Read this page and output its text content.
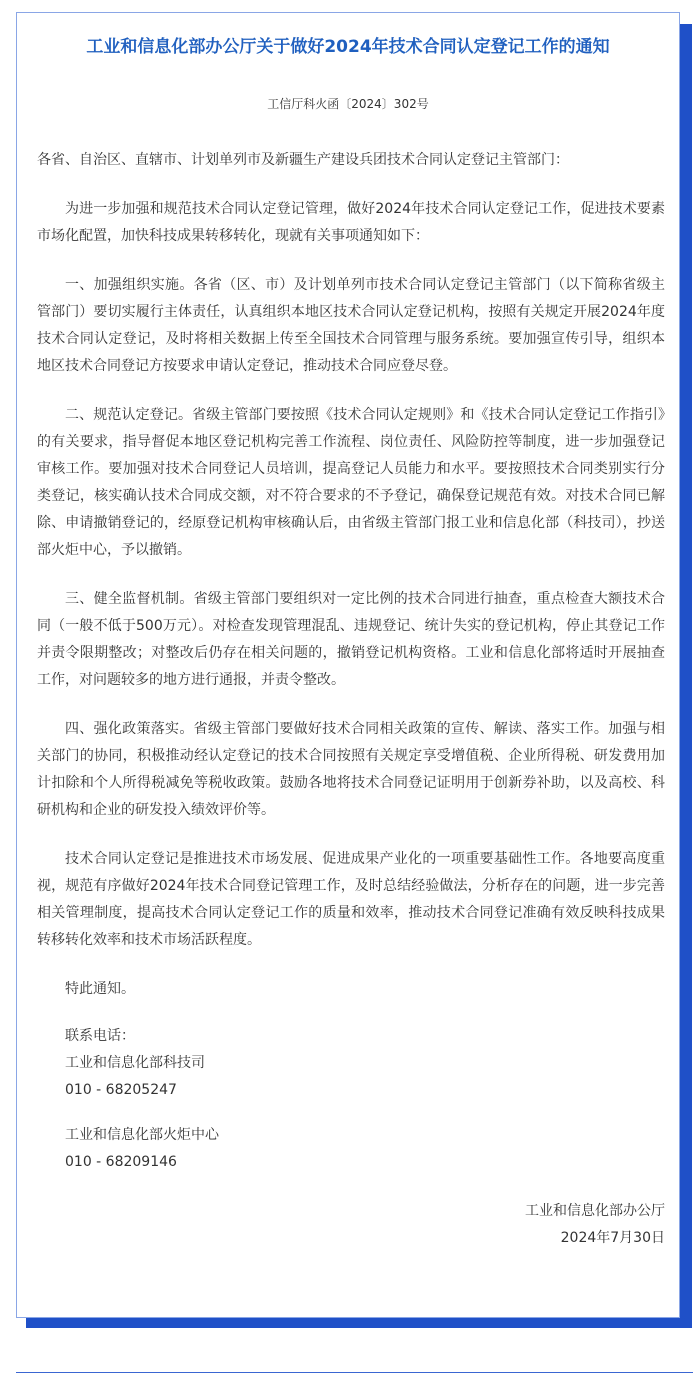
工业和信息化部办公厅关于做好2024年技术合同认定登记工作的通知
工信厅科火函〔2024〕302号

各省、自治区、直辖市、计划单列市及新疆生产建设兵团技术合同认定登记主管部门：

为进一步加强和规范技术合同认定登记管理，做好2024年技术合同认定登记工作，促进技术要素市场化配置，加快科技成果转移转化，现就有关事项通知如下：

一、加强组织实施。各省（区、市）及计划单列市技术合同认定登记主管部门（以下简称省级主管部门）要切实履行主体责任，认真组织本地区技术合同认定登记机构，按照有关规定开展2024年度技术合同认定登记，及时将相关数据上传至全国技术合同管理与服务系统。要加强宣传引导，组织本地区技术合同登记方按要求申请认定登记，推动技术合同应登尽登。

二、规范认定登记。省级主管部门要按照《技术合同认定规则》和《技术合同认定登记工作指引》的有关要求，指导督促本地区登记机构完善工作流程、岗位责任、风险防控等制度，进一步加强登记审核工作。要加强对技术合同登记人员培训，提高登记人员能力和水平。要按照技术合同类别实行分类登记，核实确认技术合同成交额，对不符合要求的不予登记，确保登记规范有效。对技术合同已解除、申请撤销登记的，经原登记机构审核确认后，由省级主管部门报工业和信息化部（科技司），抄送部火炬中心，予以撤销。

三、健全监督机制。省级主管部门要组织对一定比例的技术合同进行抽查，重点检查大额技术合同（一般不低于500万元）。对检查发现管理混乱、违规登记、统计失实的登记机构，停止其登记工作并责令限期整改；对整改后仍存在相关问题的，撤销登记机构资格。工业和信息化部将适时开展抽查工作，对问题较多的地方进行通报，并责令整改。

四、强化政策落实。省级主管部门要做好技术合同相关政策的宣传、解读、落实工作。加强与相关部门的协同，积极推动经认定登记的技术合同按照有关规定享受增值税、企业所得税、研发费用加计扣除和个人所得税减免等税收政策。鼓励各地将技术合同登记证明用于创新券补助，以及高校、科研机构和企业的研发投入绩效评价等。

技术合同认定登记是推进技术市场发展、促进成果产业化的一项重要基础性工作。各地要高度重视，规范有序做好2024年技术合同登记管理工作，及时总结经验做法，分析存在的问题，进一步完善相关管理制度，提高技术合同认定登记工作的质量和效率，推动技术合同登记准确有效反映科技成果转移转化效率和技术市场活跃程度。

特此通知。

联系电话：

工业和信息化部科技司

010 - 68205247

工业和信息化部火炬中心

010 - 68209146

工业和信息化部办公厅

2024年7月30日
